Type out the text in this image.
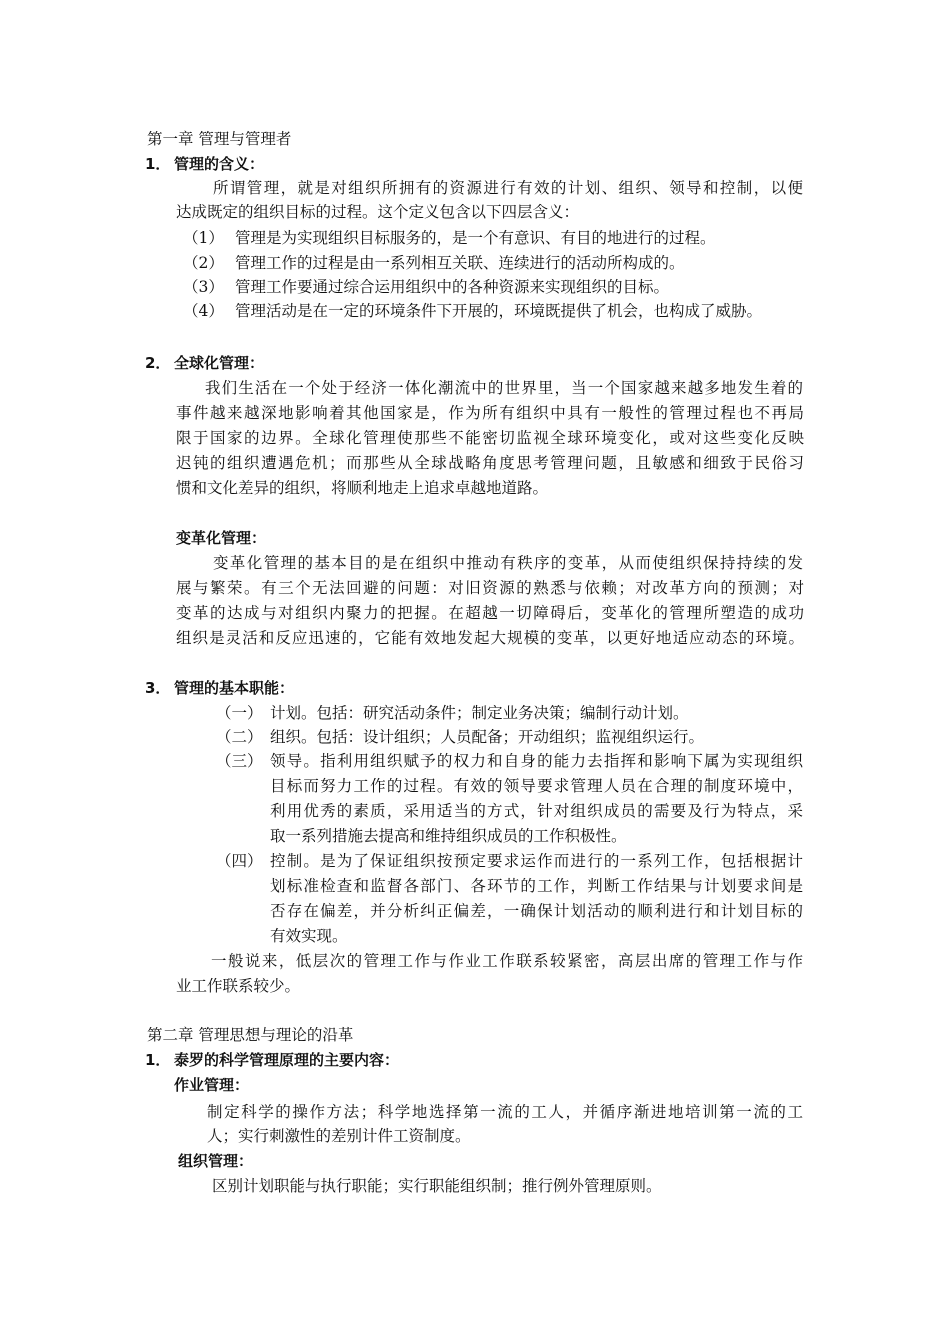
第一章 管理与管理者
1． 管理的含义：
所谓管理，就是对组织所拥有的资源进行有效的计划、组织、领导和控制，以便
达成既定的组织目标的过程。这个定义包含以下四层含义：
（1） 管理是为实现组织目标服务的，是一个有意识、有目的地进行的过程。
（2） 管理工作的过程是由一系列相互关联、连续进行的活动所构成的。
（3） 管理工作要通过综合运用组织中的各种资源来实现组织的目标。
（4） 管理活动是在一定的环境条件下开展的，环境既提供了机会，也构成了威胁。
2． 全球化管理：
我们生活在一个处于经济一体化潮流中的世界里，当一个国家越来越多地发生着的
事件越来越深地影响着其他国家是，作为所有组织中具有一般性的管理过程也不再局
限于国家的边界。全球化管理使那些不能密切监视全球环境变化，或对这些变化反映
迟钝的组织遭遇危机；而那些从全球战略角度思考管理问题，且敏感和细致于民俗习
惯和文化差异的组织，将顺利地走上追求卓越地道路。
变革化管理：
变革化管理的基本目的是在组织中推动有秩序的变革，从而使组织保持持续的发
展与繁荣。有三个无法回避的问题：对旧资源的熟悉与依赖；对改革方向的预测；对
变革的达成与对组织内聚力的把握。在超越一切障碍后，变革化的管理所塑造的成功
组织是灵活和反应迅速的，它能有效地发起大规模的变革，以更好地适应动态的环境。
3． 管理的基本职能：
（一） 计划。包括：研究活动条件；制定业务决策；编制行动计划。
（二） 组织。包括：设计组织；人员配备；开动组织；监视组织运行。
（三） 领导。指利用组织赋予的权力和自身的能力去指挥和影响下属为实现组织
目标而努力工作的过程。有效的领导要求管理人员在合理的制度环境中，
利用优秀的素质，采用适当的方式，针对组织成员的需要及行为特点，采
取一系列措施去提高和维持组织成员的工作积极性。
（四） 控制。是为了保证组织按预定要求运作而进行的一系列工作，包括根据计
划标准检查和监督各部门、各环节的工作，判断工作结果与计划要求间是
否存在偏差，并分析纠正偏差，一确保计划活动的顺利进行和计划目标的
有效实现。
一般说来，低层次的管理工作与作业工作联系较紧密，高层出席的管理工作与作
业工作联系较少。
第二章 管理思想与理论的沿革
1． 泰罗的科学管理原理的主要内容：
作业管理：
制定科学的操作方法；科学地选择第一流的工人，并循序渐进地培训第一流的工
人；实行刺激性的差别计件工资制度。
组织管理：
区别计划职能与执行职能；实行职能组织制；推行例外管理原则。
